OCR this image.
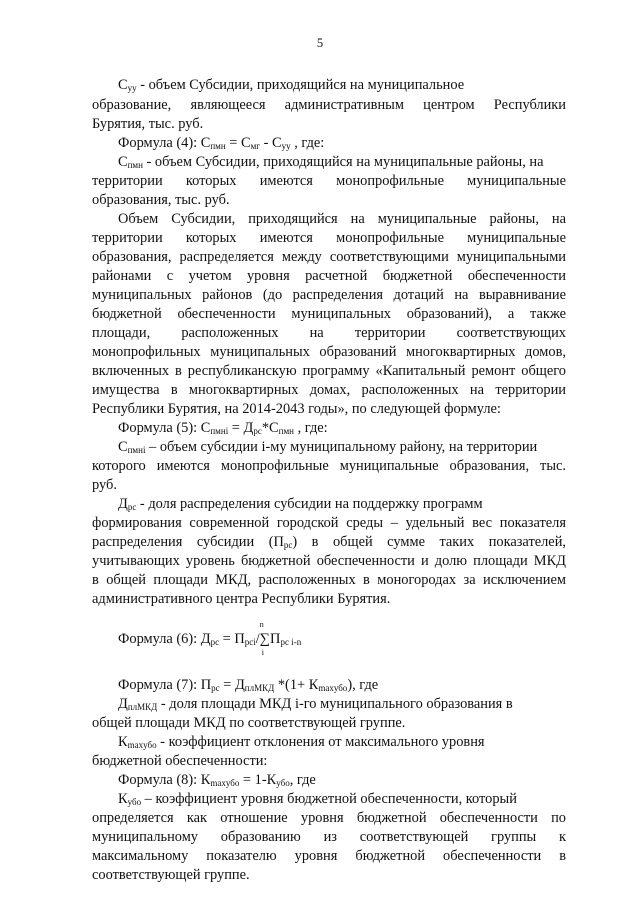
5
$С_{уу}$ - объем Субсидии, приходящийся на муниципальное
образование, являющееся административным центром Республики
Бурятия, тыс. руб.
Формула (4): $С_{пмн} = С_{мг} - С_{уу}$ , где:
$С_{пмн}$ - объем Субсидии, приходящийся на муниципальные районы, на
территории которых имеются монопрофильные муниципальные
образования, тыс. руб.
Объем Субсидии, приходящийся на муниципальные районы, на
территории которых имеются монопрофильные муниципальные
образования, распределяется между соответствующими муниципальными
районами с учетом уровня расчетной бюджетной обеспеченности
муниципальных районов (до распределения дотаций на выравнивание
бюджетной обеспеченности муниципальных образований), а также
площади, расположенных на территории соответствующих
монопрофильных муниципальных образований многоквартирных домов,
включенных в республиканскую программу «Капитальный ремонт общего
имущества в многоквартирных домах, расположенных на территории
Республики Бурятия, на 2014-2043 годы», по следующей формуле:
Формула (5): $С_{пмнi} = Д_{рс}*С_{пмн}$ , где:
$С_{пмнi}$ – объем субсидии i-му муниципальному району, на территории
которого имеются монопрофильные муниципальные образования, тыс.
руб.
$Д_{рс}$ - доля распределения субсидии на поддержку программ
формирования современной городской среды – удельный вес показателя
распределения субсидии $(П_{рс})$ в общей сумме таких показателей,
учитывающих уровень бюджетной обеспеченности и долю площади МКД
в общей площади МКД, расположенных в моногородах за исключением
административного центра Республики Бурятия.
Формула (6): $Д_{рс} = П_{рсi}$
n
/∑П
i
$_{рс i-n}$
Формула (7): $П_{рс} = Д_{плМКД}$ $*(1+ К_{maxубо})$, где
$Д_{плМКД}$ - доля площади МКД i-го муниципального образования в
общей площади МКД по соответствующей группе.
$К_{maxубо}$ - коэффициент отклонения от максимального уровня
бюджетной обеспеченности:
Формула (8): $К_{maxубо} = 1-К_{убо}$, где
$К_{убо}$ – коэффициент уровня бюджетной обеспеченности, который
определяется как отношение уровня бюджетной обеспеченности по
муниципальному образованию из соответствующей группы к
максимальному показателю уровня бюджетной обеспеченности в
соответствующей группе.
